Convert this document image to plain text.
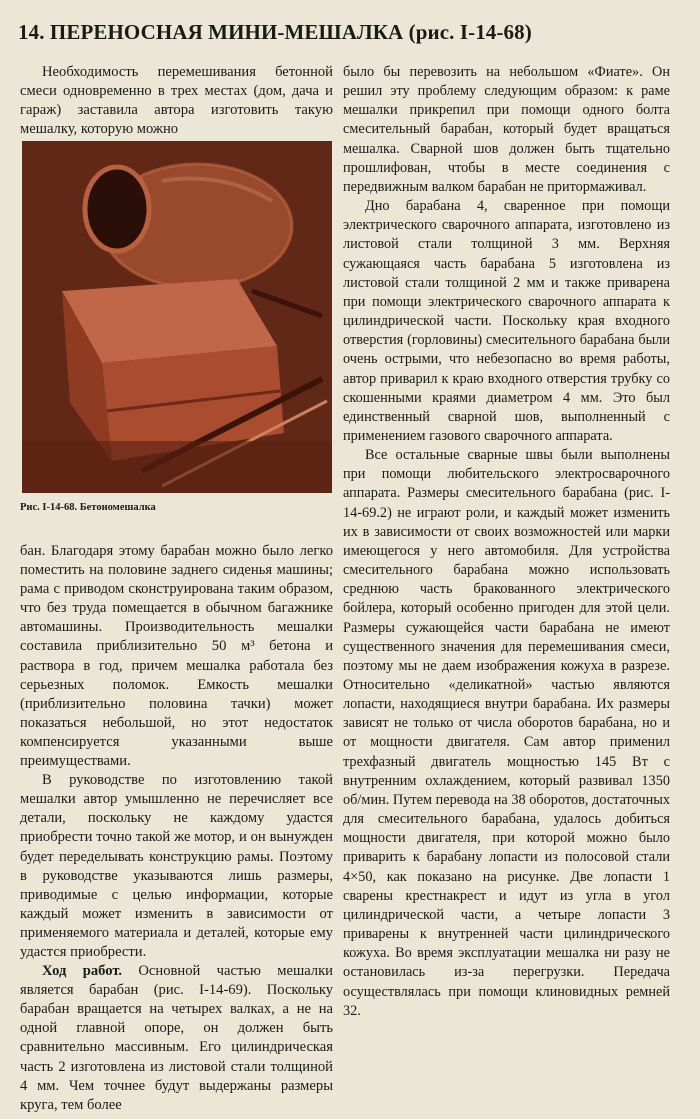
14. ПЕРЕНОСНАЯ МИНИ-МЕШАЛКА (рис. I-14-68)

Необходимость перемешивания бетонной смеси одновременно в трех местах (дом, дача и гараж) заставила автора изготовить такую мешалку, которую можно

Рис. I-14-68. Бетономешалка

бан. Благодаря этому барабан можно было легко поместить на половине заднего сиденья машины; рама с приводом сконструирована таким образом, что без труда помещается в обычном багажнике автомашины. Производительность мешалки составила приблизительно 50 м³ бетона и раствора в год, причем мешалка работала без серьезных поломок. Емкость мешалки (приблизительно половина тачки) может показаться небольшой, но этот недостаток компенсируется указанными выше преимуществами.

В руководстве по изготовлению такой мешалки автор умышленно не перечисляет все детали, поскольку не каждому удастся приобрести точно такой же мотор, и он вынужден будет переделывать конструкцию рамы. Поэтому в руководстве указываются лишь размеры, приводимые с целью информации, которые каждый может изменить в зависимости от применяемого материала и деталей, которые ему удастся приобрести.

Ход работ. Основной частью мешалки является барабан (рис. I-14-69). Поскольку барабан вращается на четырех валках, а не на одной главной опоре, он должен быть сравнительно массивным. Его цилиндрическая часть 2 изготовлена из листовой стали толщиной 4 мм. Чем точнее будут выдержаны размеры круга, тем более

было бы перевозить на небольшом «Фиате». Он решил эту проблему следующим образом: к раме мешалки прикрепил при помощи одного болта смесительный барабан, который будет вращаться мешалка. Сварной шов должен быть тщательно прошлифован, чтобы в месте соединения с передвижным валком барабан не притормаживал.

Дно барабана 4, сваренное при помощи электрического сварочного аппарата, изготовлено из листовой стали толщиной 3 мм. Верхняя сужающаяся часть барабана 5 изготовлена из листовой стали толщиной 2 мм и также приварена при помощи электрического сварочного аппарата к цилиндрической части. Поскольку края входного отверстия (горловины) смесительного барабана были очень острыми, что небезопасно во время работы, автор приварил к краю входного отверстия трубку со скошенными краями диаметром 4 мм. Это был единственный сварной шов, выполненный с применением газового сварочного аппарата.

Все остальные сварные швы были выполнены при помощи любительского электросварочного аппарата. Размеры смесительного барабана (рис. I-14-69.2) не играют роли, и каждый может изменить их в зависимости от своих возможностей или марки имеющегося у него автомобиля. Для устройства смесительного барабана можно использовать среднюю часть бракованного электрического бойлера, который особенно пригоден для этой цели. Размеры сужающейся части барабана не имеют существенного значения для перемешивания смеси, поэтому мы не даем изображения кожуха в разрезе. Относительно «деликатной» частью являются лопасти, находящиеся внутри барабана. Их размеры зависят не только от числа оборотов барабана, но и от мощности двигателя. Сам автор применил трехфазный двигатель мощностью 145 Вт с внутренним охлаждением, который развивал 1350 об/мин. Путем перевода на 38 оборотов, достаточных для смесительного барабана, удалось добиться мощности двигателя, при которой можно было приварить к барабану лопасти из полосовой стали 4×50, как показано на рисунке. Две лопасти 1 сварены крестнакрест и идут из угла в угол цилиндрической части, а четыре лопасти 3 приварены к внутренней части цилиндрического кожуха. Во время эксплуатации мешалка ни разу не остановилась из-за перегрузки. Передача осуществлялась при помощи клиновидных ремней 32.
